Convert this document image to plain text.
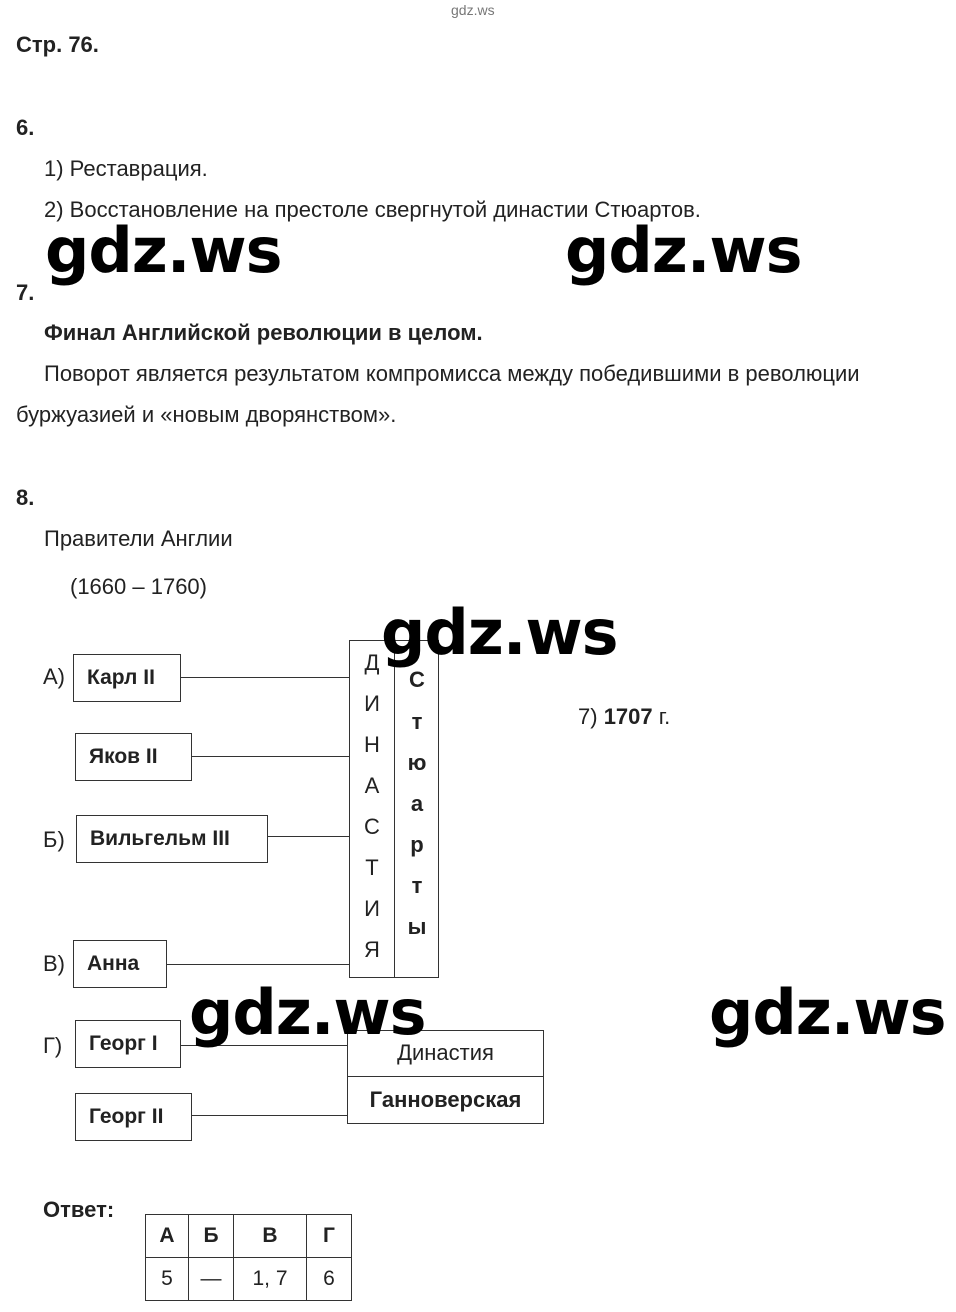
gdz.ws
Стр. 76.
6.
1) Реставрация.
2) Восстановление на престоле свергнутой династии Стюартов.
7.
Финал Английской революции в целом.
Поворот является результатом компромисса между победившими в революции
буржуазией и «новым дворянством».
8.
Правители Англии
(1660 – 1760)
А)
Б)
В)
Г)
Карл II
Яков II
Вильгельм III
Анна
Георг I
Георг II
Д
И
Н
А
С
Т
И
Я
С
т
ю
а
р
т
ы
7) 1707 г.
Династия
Ганноверская
Ответ:
А	Б	В	Г
5	—	1, 7	6
gdz.ws	gdz.ws
gdz.ws
gdz.ws	gdz.ws
